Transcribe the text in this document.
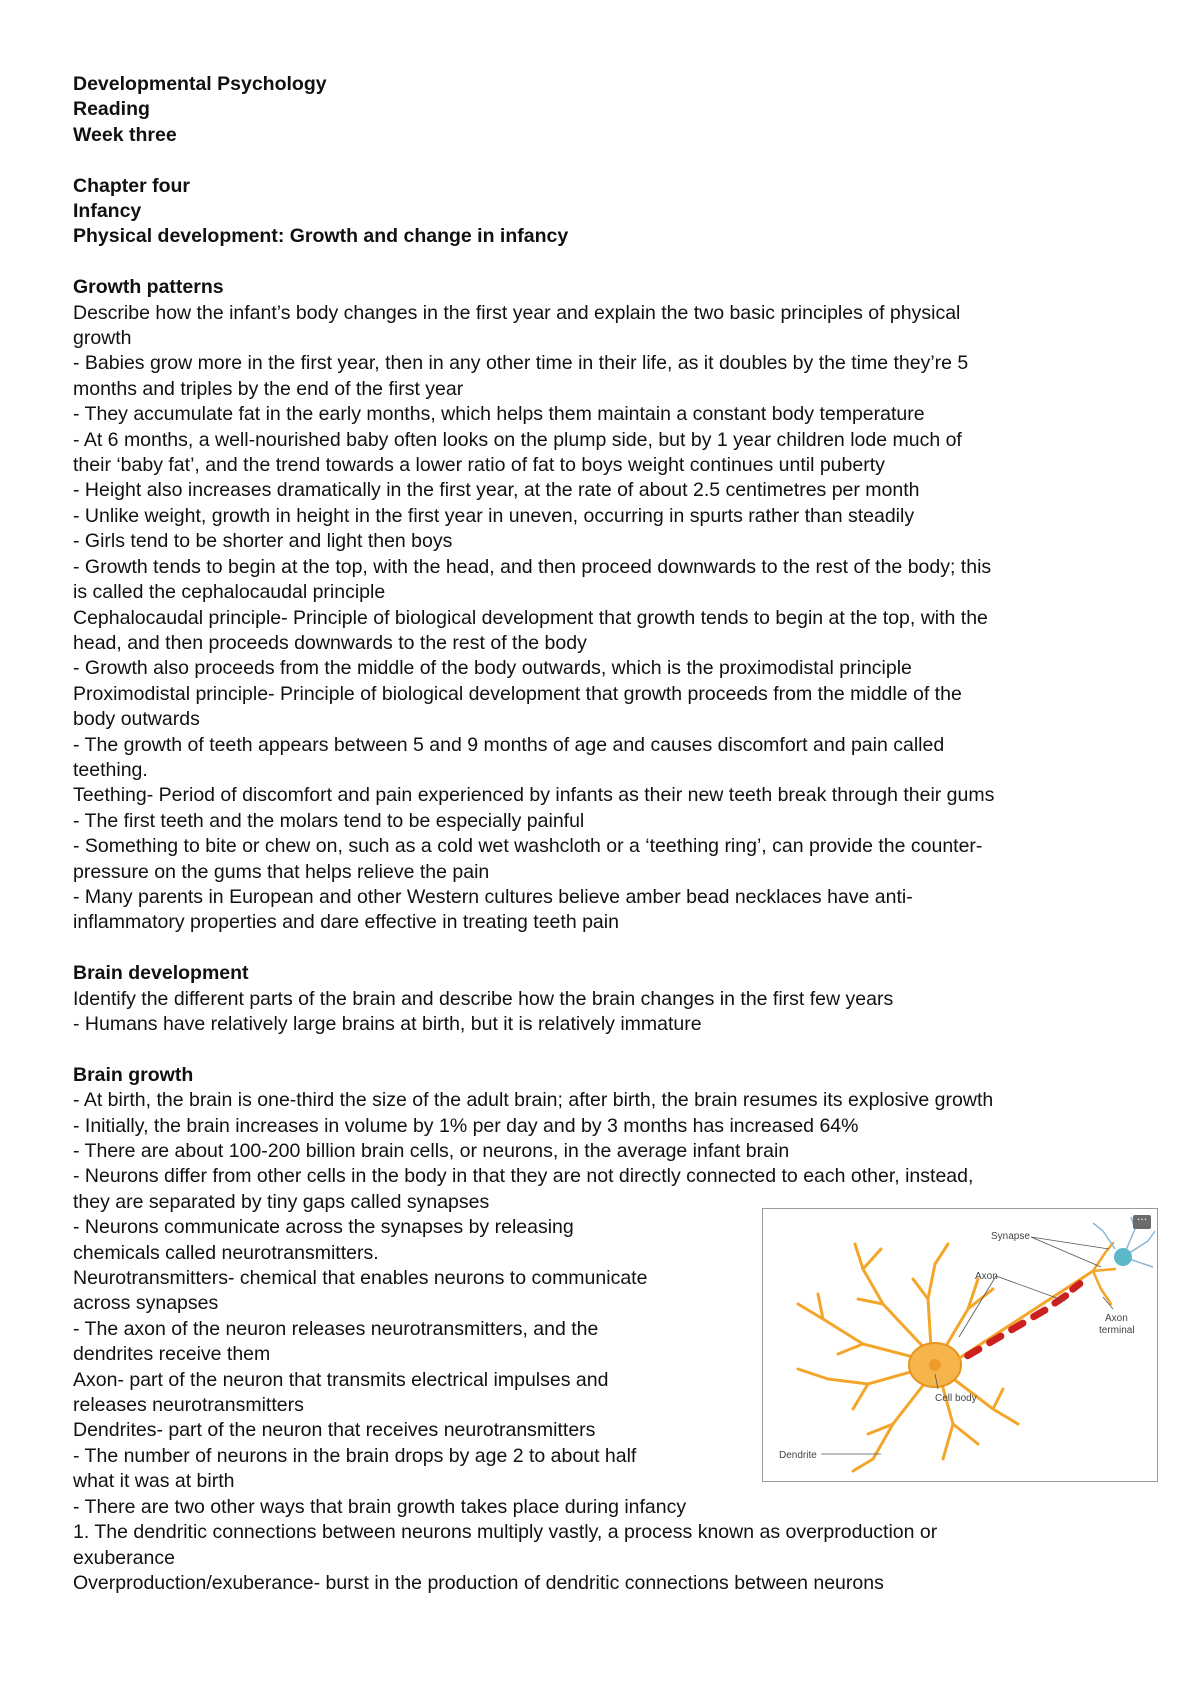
Developmental Psychology

Reading

Week three

Chapter four

Infancy

Physical development: Growth and change in infancy

Growth patterns

Describe how the infant’s body changes in the first year and explain the two basic principles of physical

growth

- Babies grow more in the first year, then in any other time in their life, as it doubles by the time they’re 5

months and triples by the end of the first year

- They accumulate fat in the early months, which helps them maintain a constant body temperature

- At 6 months, a well-nourished baby often looks on the plump side, but by 1 year children lode much of

their ‘baby fat’, and the trend towards a lower ratio of fat to boys weight continues until puberty

- Height also increases dramatically in the first year, at the rate of about 2.5 centimetres per month

- Unlike weight, growth in height in the first year in uneven, occurring in spurts rather than steadily

- Girls tend to be shorter and light then boys

- Growth tends to begin at the top, with the head, and then proceed downwards to the rest of the body; this

is called the cephalocaudal principle

Cephalocaudal principle- Principle of biological development that growth tends to begin at the top, with the

head, and then proceeds downwards to the rest of the body

- Growth also proceeds from the middle of the body outwards, which is the proximodistal principle

Proximodistal principle- Principle of biological development that growth proceeds from the middle of the

body outwards

- The growth of teeth appears between 5 and 9 months of age and causes discomfort and pain called

teething.

Teething- Period of discomfort and pain experienced by infants as their new teeth break through their gums

- The first teeth and the molars tend to be especially painful

- Something to bite or chew on, such as a cold wet washcloth or a ‘teething ring’, can provide the counter-

pressure on the gums that helps relieve the pain

- Many parents in European and other Western cultures believe amber bead necklaces have anti-

inflammatory properties and dare effective in treating teeth pain

Brain development

Identify the different parts of the brain and describe how the brain changes in the first few years

- Humans have relatively large brains at birth, but it is relatively immature

Brain growth

- At birth, the brain is one-third the size of the adult brain; after birth, the brain resumes its explosive growth

- Initially, the brain increases in volume by 1% per day and by 3 months has increased 64%

- There are about 100-200 billion brain cells, or neurons, in the average infant brain

- Neurons differ from other cells in the body in that they are not directly connected to each other, instead,

they are separated by tiny gaps called synapses

- Neurons communicate across the synapses by releasing

chemicals called neurotransmitters.

Neurotransmitters- chemical that enables neurons to communicate

across synapses

- The axon of the neuron releases neurotransmitters, and the

dendrites receive them

Axon- part of the neuron that transmits electrical impulses and

releases neurotransmitters

Dendrites- part of the neuron that receives neurotransmitters

- The number of neurons in the brain drops by age 2 to about half

what it was at birth

- There are two other ways that brain growth takes place during infancy

1. The dendritic connections between neurons multiply vastly, a process known as overproduction or

exuberance

Overproduction/exuberance- burst in the production of dendritic connections between neurons

···
Synapse
Axon
Axon
terminal
Cell body
Dendrite
